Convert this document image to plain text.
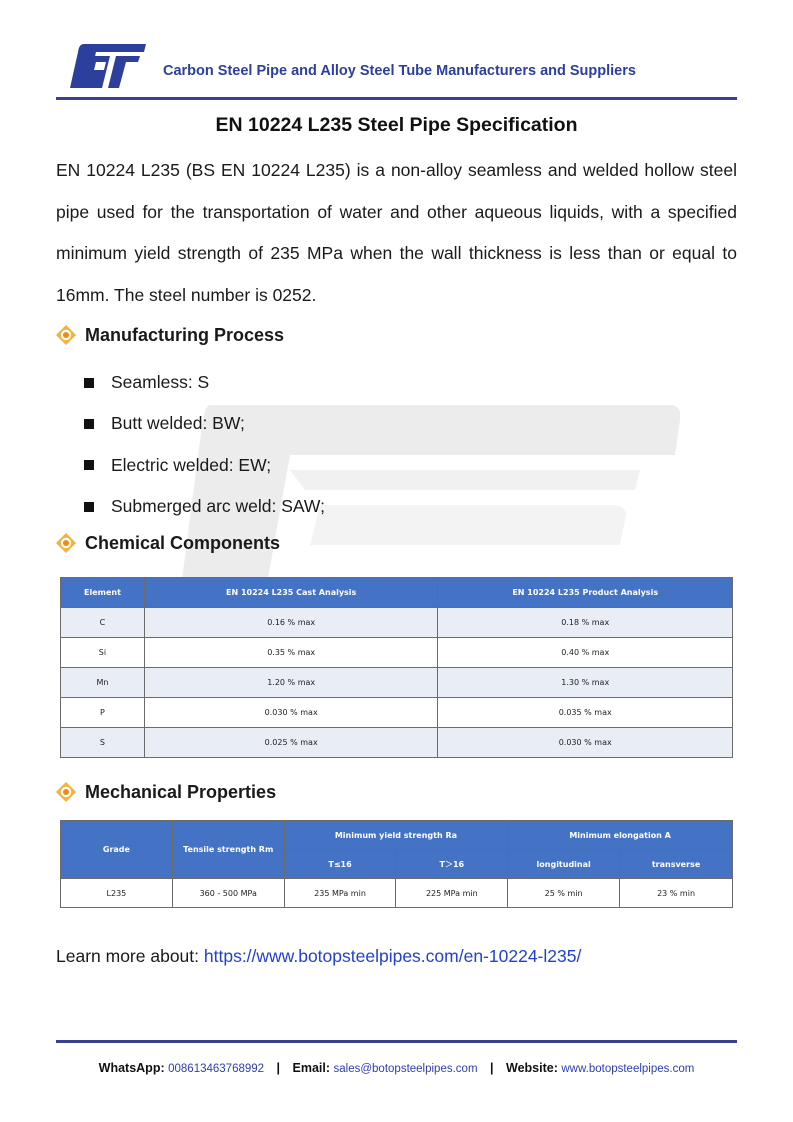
Carbon Steel Pipe and Alloy Steel Tube Manufacturers and Suppliers
EN 10224 L235 Steel Pipe Specification
EN 10224 L235 (BS EN 10224 L235) is a non-alloy seamless and welded hollow steel pipe used for the transportation of water and other aqueous liquids, with a specified minimum yield strength of 235 MPa when the wall thickness is less than or equal to 16mm. The steel number is 0252.
Manufacturing Process
Seamless: S
Butt welded: BW;
Electric welded: EW;
Submerged arc weld: SAW;
Chemical Components
Element	EN 10224 L235 Cast Analysis	EN 10224 L235 Product Analysis
C	0.16 % max	0.18 % max
Si	0.35 % max	0.40 % max
Mn	1.20 % max	1.30 % max
P	0.030 % max	0.035 % max
S	0.025 % max	0.030 % max
Mechanical Properties
Grade	Tensile strength Rm	Minimum yield strength Ra		Minimum elongation A	
		T≤16	T＞16	longitudinal	transverse
L235	360 - 500 MPa	235 MPa min	225 MPa min	25 % min	23 % min
Learn more about: https://www.botopsteelpipes.com/en-10224-l235/
WhatsApp: 008613463768992 | Email: sales@botopsteelpipes.com | Website: www.botopsteelpipes.com
